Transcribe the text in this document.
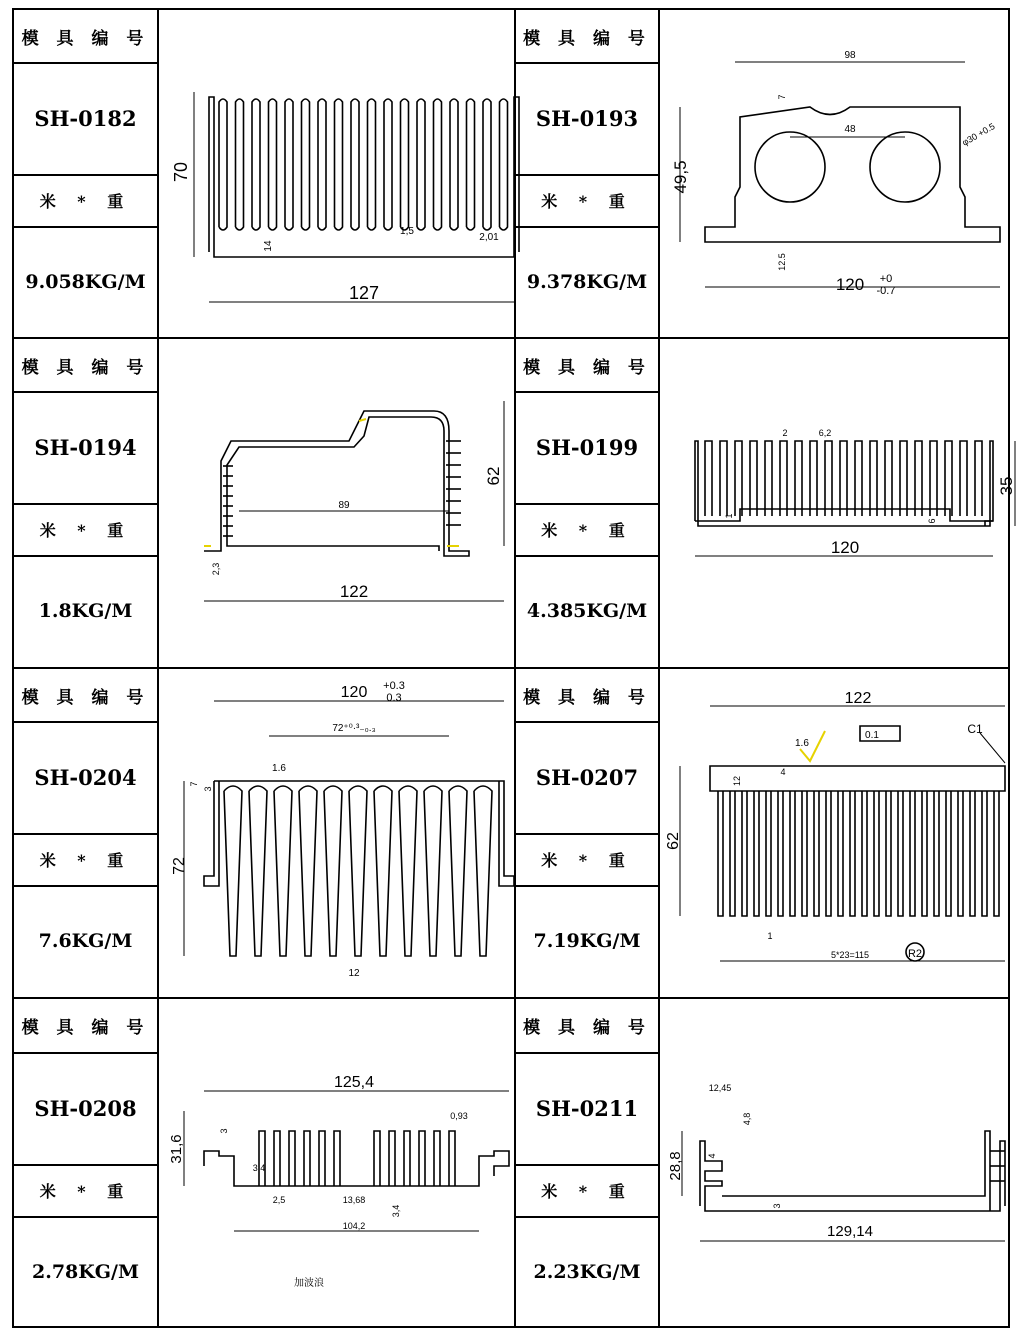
模 具 编 号
SH-0182
米 * 重
9.058KG/M
70
127
14
1,5
2,01
模 具 编 号
SH-0193
米 * 重
9.378KG/M
98
49,5
48
120 +0
-0.7
φ30 +0.5
7
12.5
模 具 编 号
SH-0194
米 * 重
1.8KG/M
62
89
122
2,3
模 具 编 号
SH-0199
米 * 重
4.385KG/M
35
120
2	6,2
1
6
模 具 编 号
SH-0204
米 * 重
7.6KG/M
120 +0.3
0.3
72⁺⁰·³₋₀.₃
72
1.6
7
3
12
模 具 编 号
SH-0207
米 * 重
7.19KG/M
122
0.1	C1
1.6
12
4
62
1
5*23=115	R2
模 具 编 号
SH-0208
米 * 重
2.78KG/M
125,4
31,6
3
0,93
3,4
2,5	13,68
3,4
104,2
加波浪
模 具 编 号
SH-0211
米 * 重
2.23KG/M
12,45
4,8
4
28,8
3
129,14
